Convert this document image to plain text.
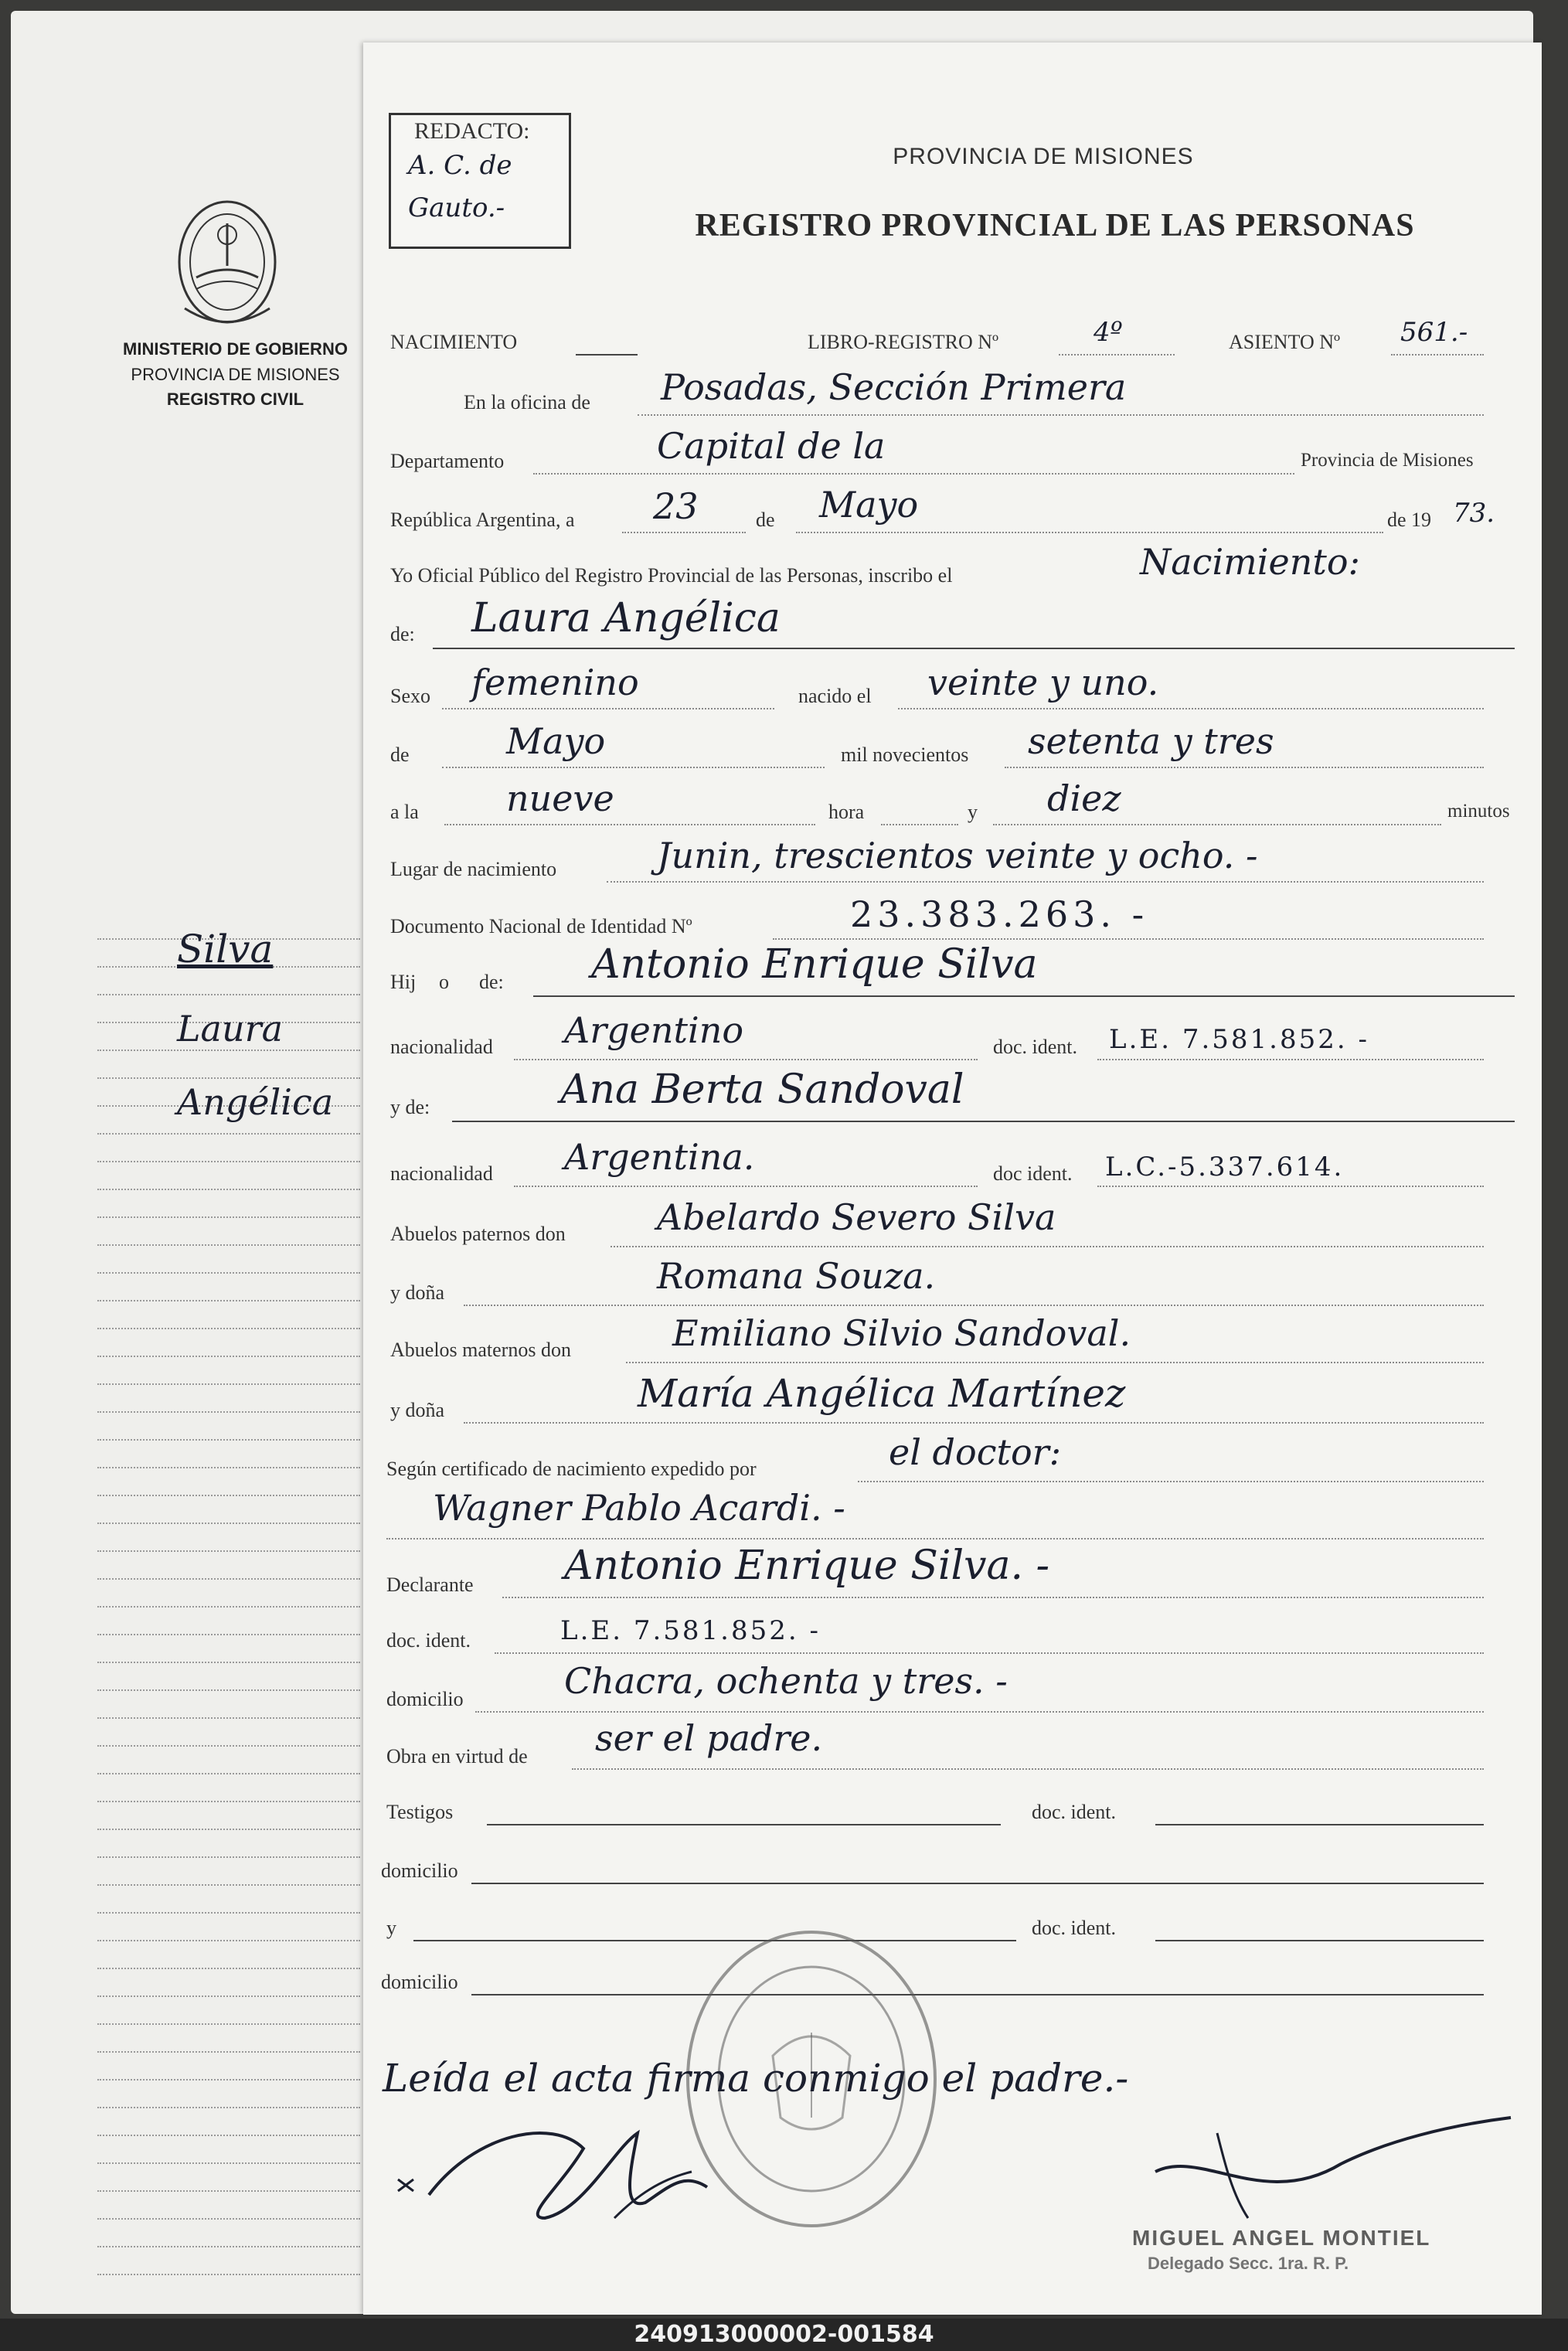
MINISTERIO DE GOBIERNO
PROVINCIA DE MISIONES
REGISTRO CIVIL
Silva
Laura
Angélica
REDACTO:
A. C. de
Gauto.-
PROVINCIA DE MISIONES
REGISTRO PROVINCIAL DE LAS PERSONAS
NACIMIENTO	LIBRO-REGISTRO Nº	4º	ASIENTO Nº 561.-
En la oficina de Posadas, Sección Primera
Departamento	Capital de la	Provincia de Misiones
República Argentina, a 23	de Mayo	de 19 73.
Yo Oficial Público del Registro Provincial de las Personas, inscribo el	Nacimiento:
de: Laura Angélica
Sexo femenino	nacido el veinte y uno.
de	Mayo	mil novecientos setenta y tres
a la nueve	hora	y diez	minutos
Lugar de nacimiento	Junin, trescientos veinte y ocho. -
Documento Nacional de Identidad Nº	23.383.263. -
Hij o de: Antonio Enrique Silva
nacionalidad Argentino	doc. ident. L.E. 7.581.852. -
y de:	Ana Berta Sandoval
nacionalidad Argentina.	doc ident. L.C.-5.337.614.
Abuelos paternos don	Abelardo Severo Silva
y doña	Romana Souza.
Abuelos maternos don	Emiliano Silvio Sandoval.
y doña	María Angélica Martínez
Según certificado de nacimiento expedido por	el doctor:
Wagner Pablo Acardi. -
Declarante Antonio Enrique Silva. -
doc. ident.	L.E. 7.581.852. -
domicilio	Chacra, ochenta y tres. -
Obra en virtud de ser el padre.
Testigos	doc. ident.
domicilio
y	doc. ident.
domicilio
Leída el acta firma conmigo el padre.-
MIGUEL ANGEL MONTIEL
Delegado Secc. 1ra. R. P.
240913000002-001584
